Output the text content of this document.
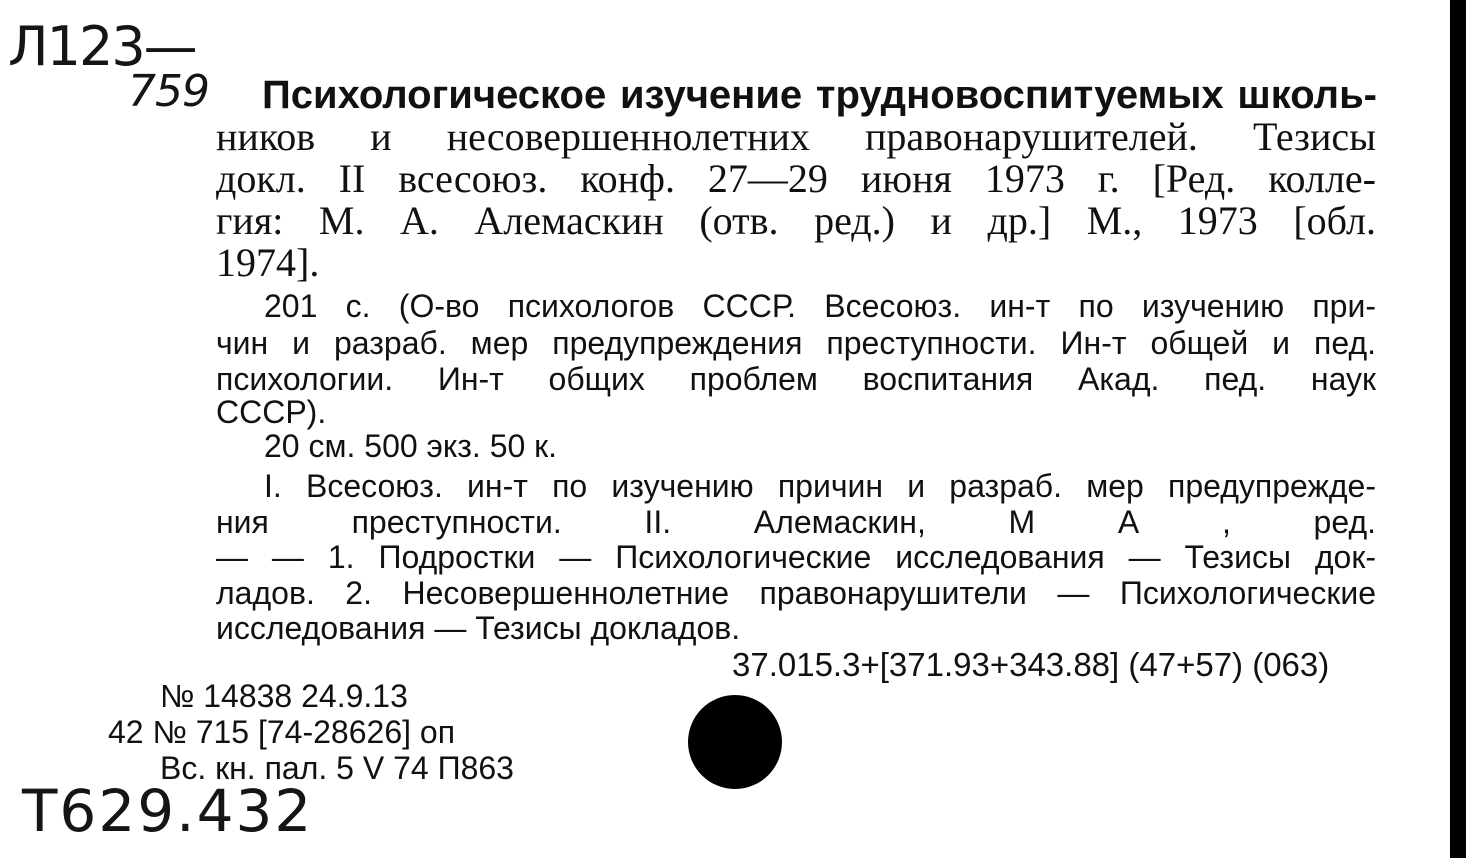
Л123—
759 Психологическое изучение трудновоспитуемых школь-
ников и несовершеннолетних правонарушителей. Тезисы
докл. II всесоюз. конф. 27—29 июня 1973 г. [Ред. колле-
гия: М. А. Алемаскин (отв. ред.) и др.] М., 1973 [обл.
1974].
201 с. (О-во психологов СССР. Всесоюз. ин-т по изучению при-
чин и разраб. мер предупреждения преступности. Ин-т общей и пед.
психологии. Ин-т общих проблем воспитания Акад. пед. наук
СССР).
20 см. 500 экз. 50 к.
I. Всесоюз. ин-т по изучению причин и разраб. мер предупрежде-
ния преступности. II. Алемаскин, М А , ред.
— — 1. Подростки — Психологические исследования — Тезисы док-
ладов. 2. Несовершеннолетние правонарушители — Психологические
исследования — Тезисы докладов.
37.015.3+[371.93+343.88] (47+57) (063)
№ 14838 24.9.13
42 № 715 [74-28626] оп
Вс. кн. пал. 5 V 74 П863
Т629.432
